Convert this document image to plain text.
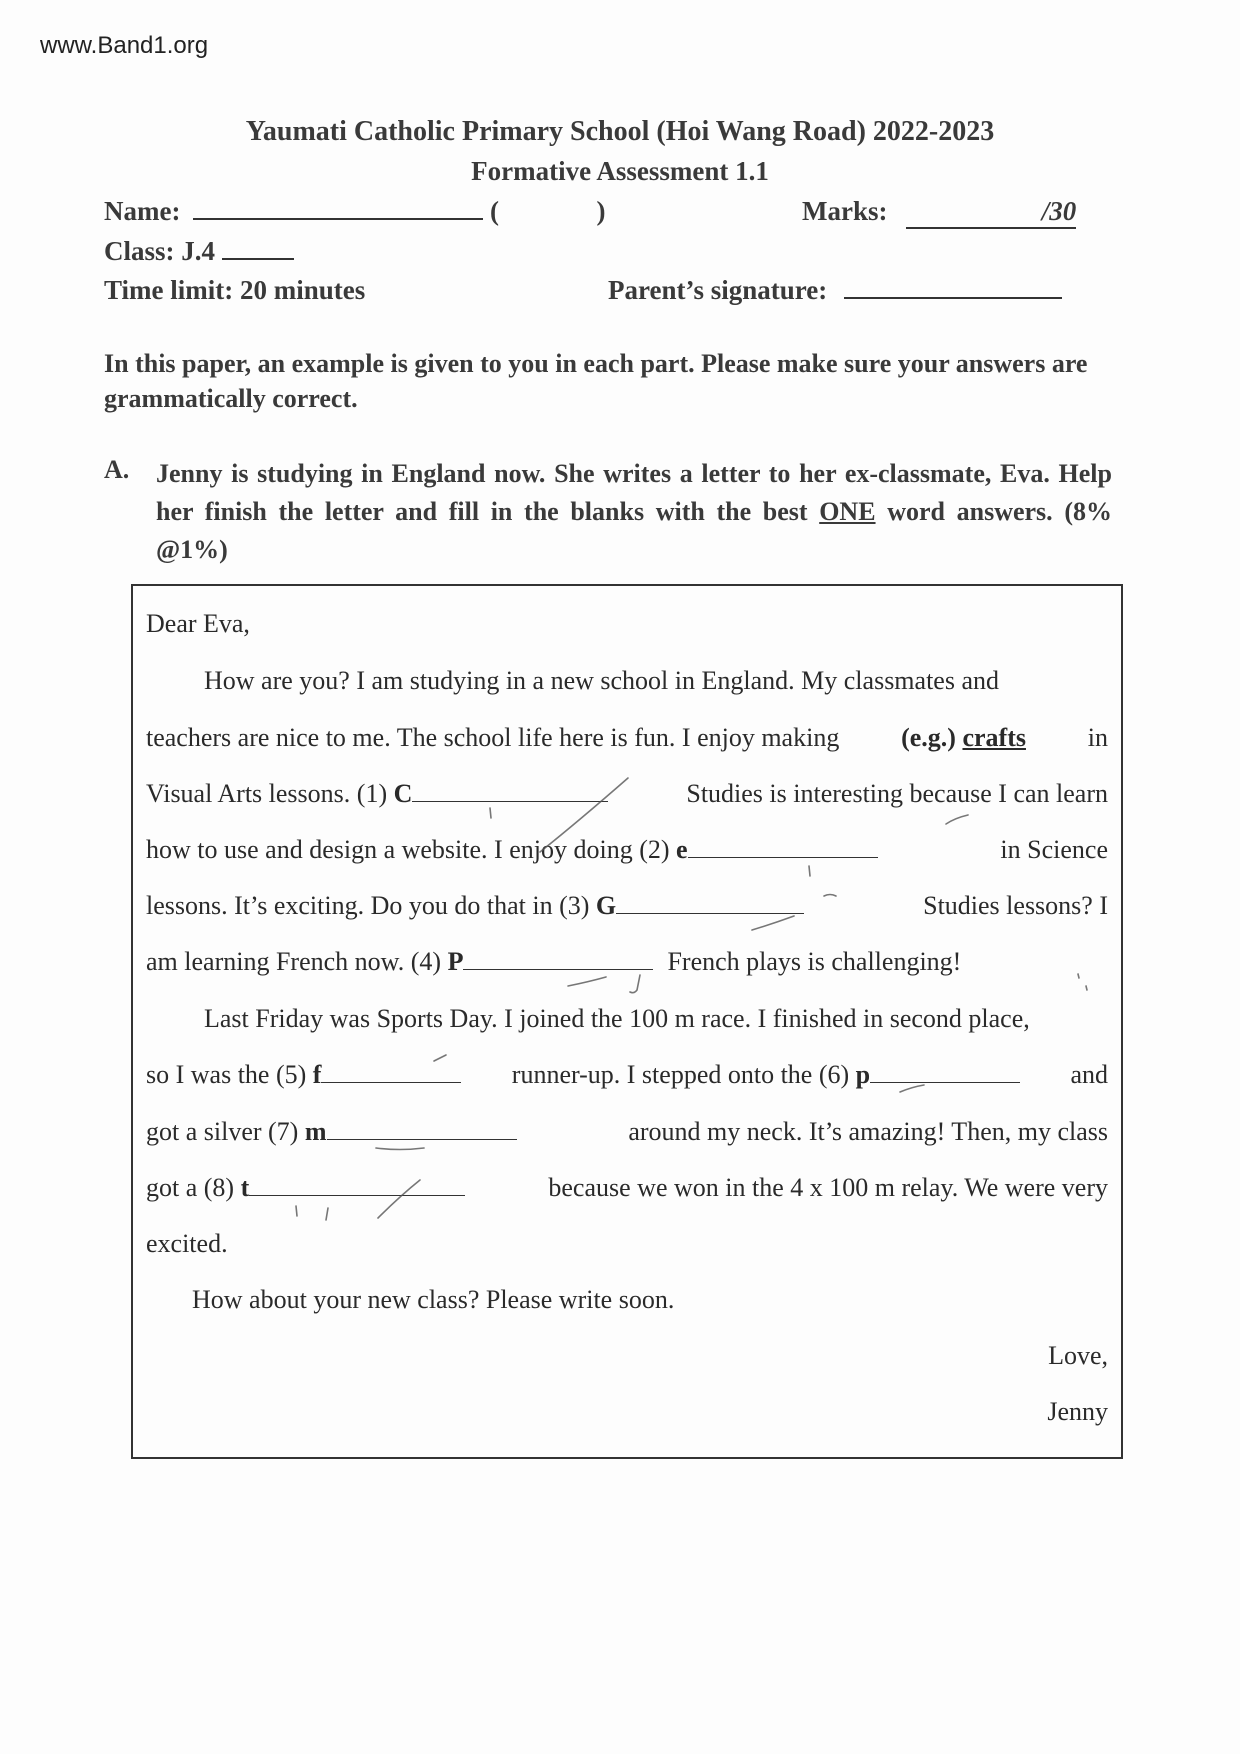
www.Band1.org
Yaumati Catholic Primary School (Hoi Wang Road) 2022-2023
Formative Assessment 1.1
Name:	(	)	Marks:	/30
Class: J.4
Time limit: 20 minutes	Parent’s signature:
In this paper, an example is given to you in each part. Please make sure your answers are grammatically correct.
A. Jenny is studying in England now. She writes a letter to her ex-classmate, Eva. Help her finish the letter and fill in the blanks with the best ONE word answers. (8% @1%)
Dear Eva,
How are you? I am studying in a new school in England. My classmates and
teachers are nice to me. The school life here is fun. I enjoy making (e.g.) crafts in
Visual Arts lessons. (1) C	Studies is interesting because I can learn
how to use and design a website. I enjoy doing (2) e	in Science
lessons. It’s exciting. Do you do that in (3) G	Studies lessons? I
am learning French now. (4)
P	French plays is challenging!
Last Friday was Sports Day. I joined the 100 m race. I finished in second place,
so I was the (5) f	runner-up. I stepped onto the (6) p	and
got a silver (7) m	around my neck. It’s amazing! Then, my class
got a (8) t	because we won in the 4 x 100 m relay. We were very
excited.
How about your new class? Please write soon.
Love,
Jenny
